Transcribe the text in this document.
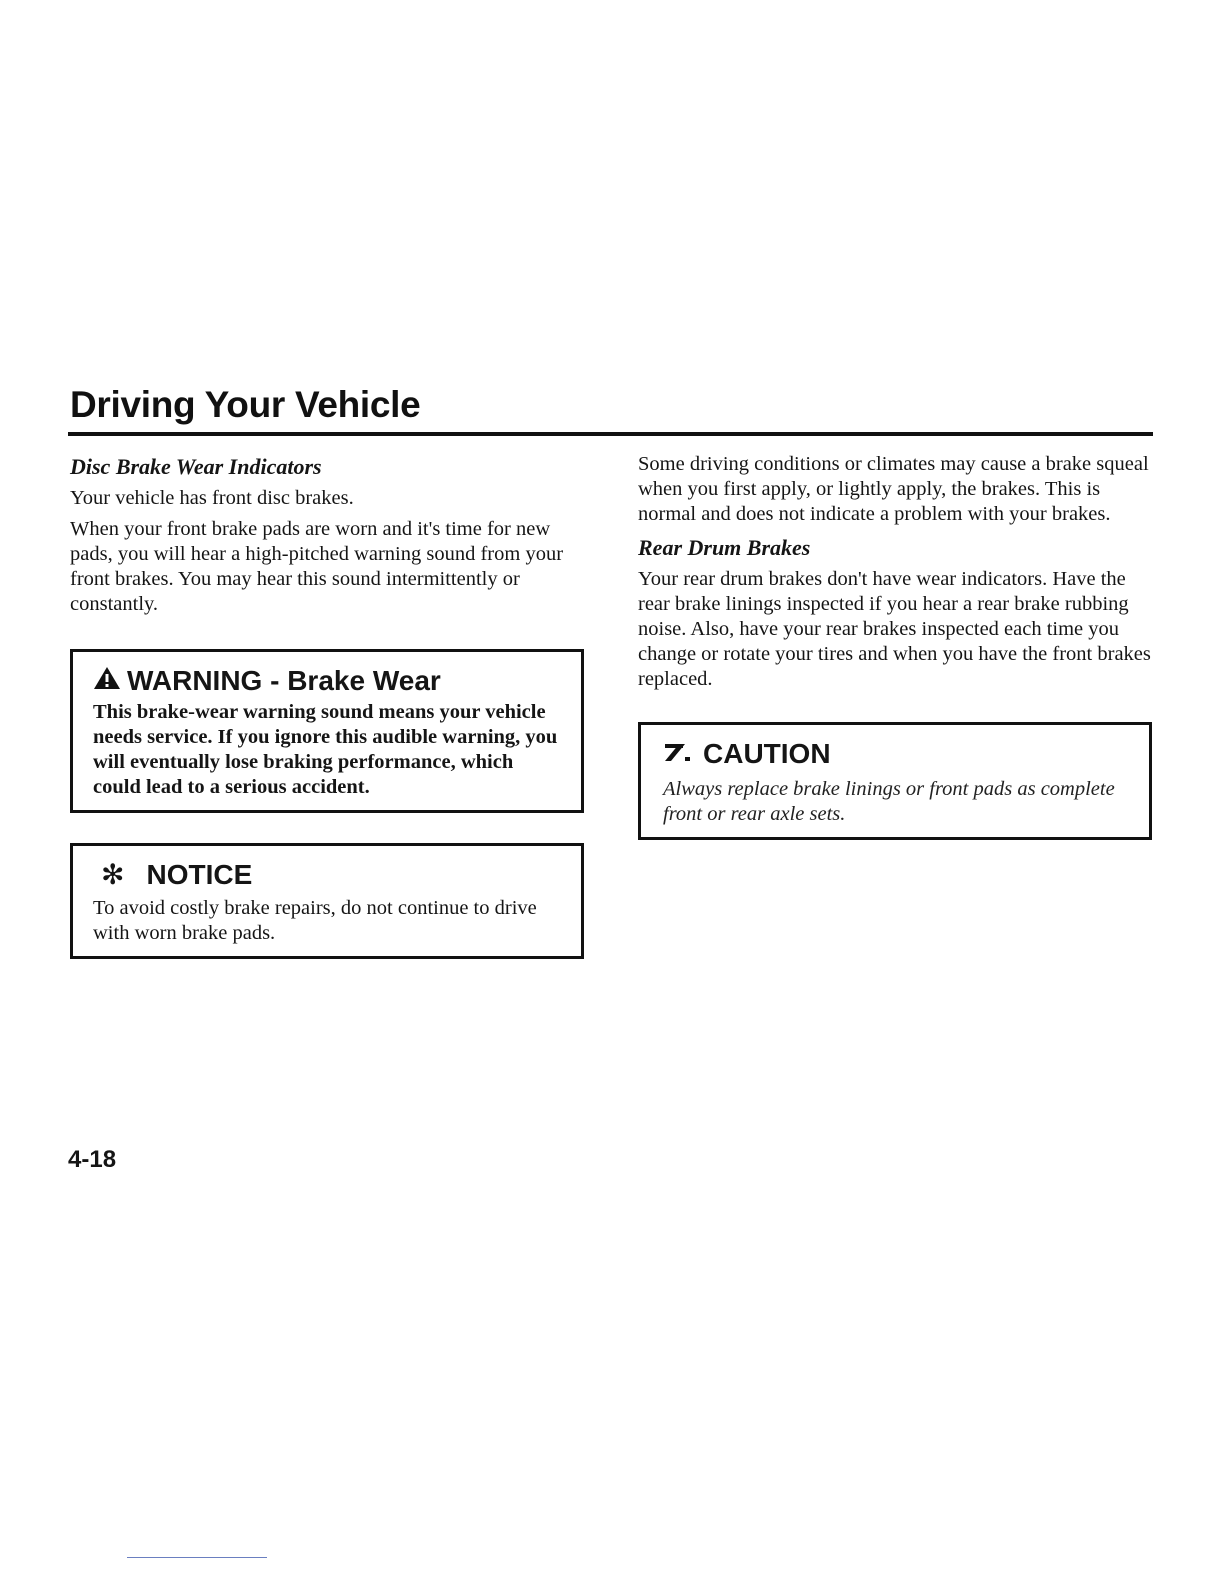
Driving Your Vehicle
Disc Brake Wear Indicators

Your vehicle has front disc brakes.

When your front brake pads are worn and it's time for new pads, you will hear a high-pitched warning sound from your front brakes. You may hear this sound intermittently or constantly.

WARNING - Brake Wear
This brake-wear warning sound means your vehicle needs service. If you ignore this audible warning, you will eventually lose braking performance, which could lead to a serious accident.
✻ NOTICE
To avoid costly brake repairs, do not continue to drive with worn brake pads.

Some driving conditions or climates may cause a brake squeal when you first apply, or lightly apply, the brakes. This is normal and does not indicate a problem with your brakes.

Rear Drum Brakes

Your rear drum brakes don't have wear indicators. Have the rear brake linings inspected if you hear a rear brake rubbing noise. Also, have your rear brakes inspected each time you change or rotate your tires and when you have the front brakes replaced.

CAUTION
Always replace brake linings or front pads as complete front or rear axle sets.
4-18
